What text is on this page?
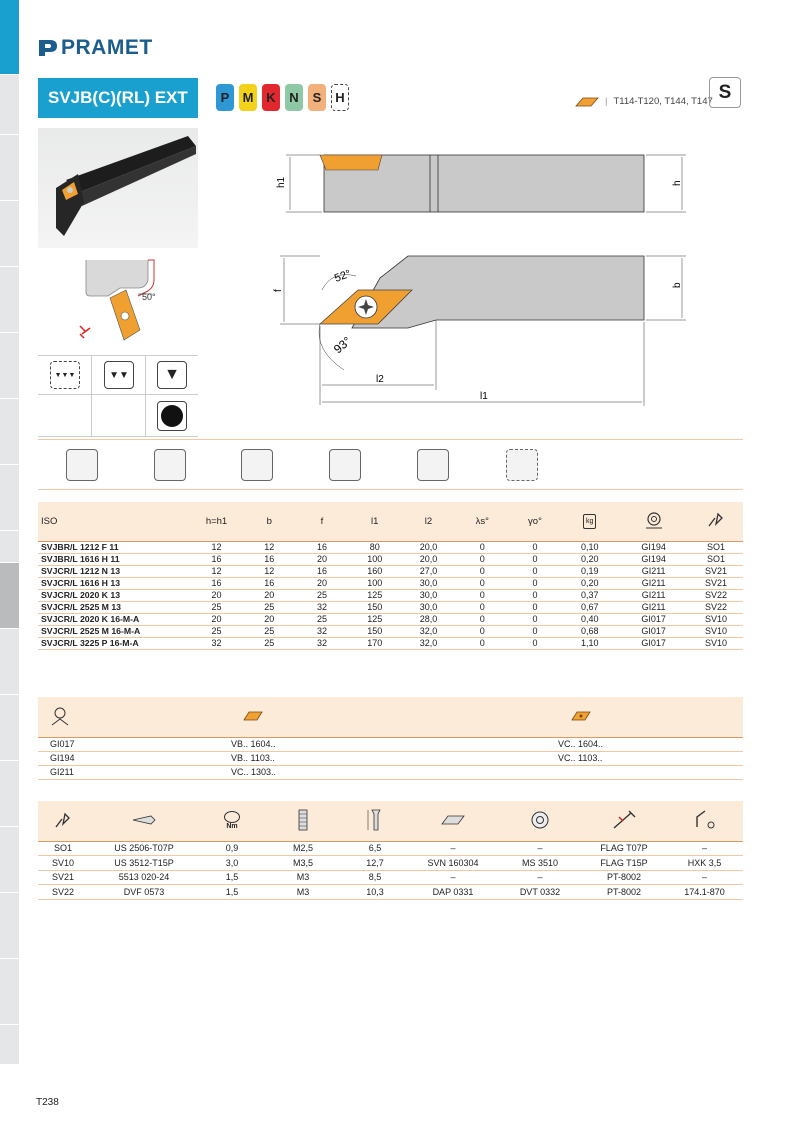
PRAMET
SVJB(C)(RL) EXT	P M K N S H	| T114-T120, T144, T147 S
50°
▼▼▼	▼▼	▼
h1	h
f
b
52°
93°
l2
l1
ISO	h=h1	b	f	l1	l2	λs°	γo°	kg		
SVJBR/L 1212 F 11	12	12	16	80	20,0	0	0	0,10	GI194	SO1
SVJBR/L 1616 H 11	16	16	20	100	20,0	0	0	0,20	GI194	SO1
SVJCR/L 1212 N 13	12	12	16	160	27,0	0	0	0,19	GI211	SV21
SVJCR/L 1616 H 13	16	16	20	100	30,0	0	0	0,20	GI211	SV21
SVJCR/L 2020 K 13	20	20	25	125	30,0	0	0	0,37	GI211	SV22
SVJCR/L 2525 M 13	25	25	32	150	30,0	0	0	0,67	GI211	SV22
SVJCR/L 2020 K 16-M-A	20	20	25	125	28,0	0	0	0,40	GI017	SV10
SVJCR/L 2525 M 16-M-A	25	25	32	150	32,0	0	0	0,68	GI017	SV10
SVJCR/L 3225 P 16-M-A	32	25	32	170	32,0	0	0	1,10	GI017	SV10

GI017	VB.. 1604..	VC.. 1604..
GI194	VB.. 1103..	VC.. 1103..
GI211	VC.. 1303..	

Nm

SO1	US 2506-T07P	0,9	M2,5	6,5	–	–	FLAG T07P	–
SV10	US 3512-T15P	3,0	M3,5	12,7	SVN 160304	MS 3510	FLAG T15P	HXK 3,5
SV21	5513 020-24	1,5	M3	8,5	–	–	PT-8002	–
SV22	DVF 0573	1,5	M3	10,3	DAP 0331	DVT 0332	PT-8002	174.1-870
T238
